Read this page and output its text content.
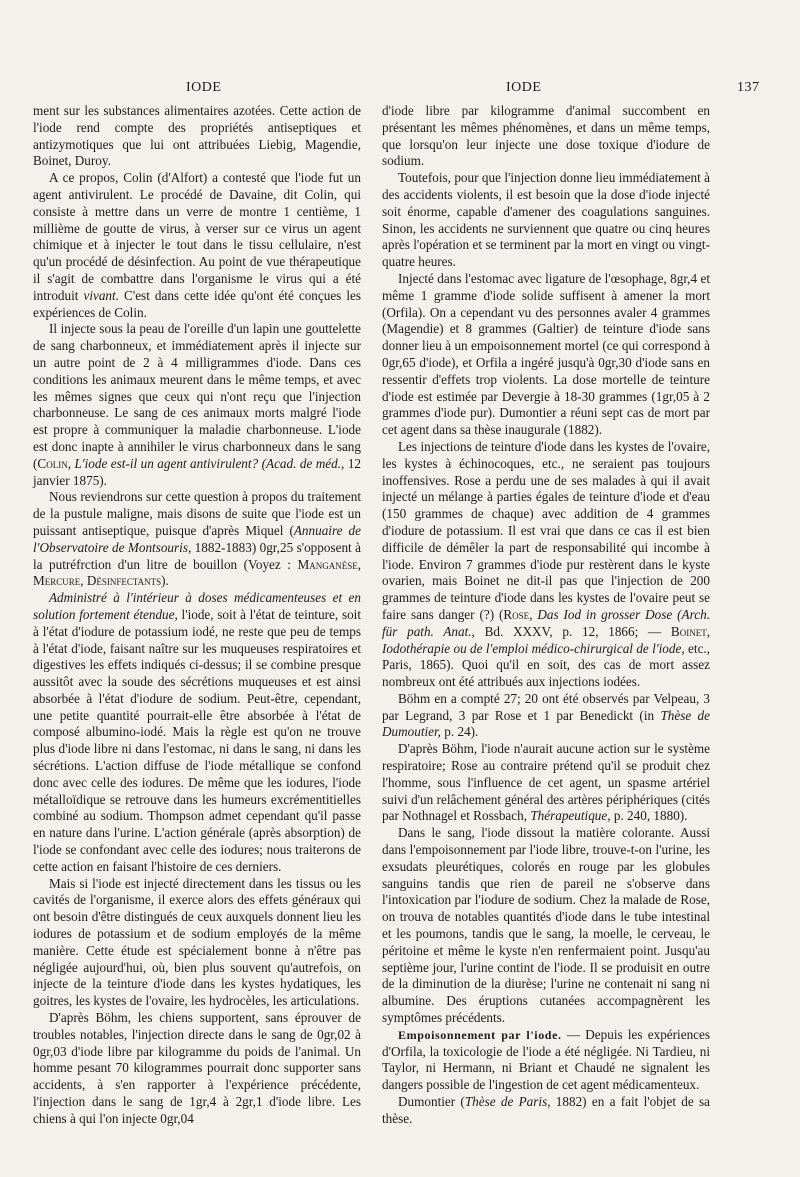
IODE	IODE	137

ment sur les substances alimentaires azotées. Cette action de l'iode rend compte des propriétés antiseptiques et antizymotiques que lui ont attribuées Liebig, Magendie, Boinet, Duroy.

A ce propos, Colin (d'Alfort) a contesté que l'iode fut un agent antivirulent. Le procédé de Davaine, dit Colin, qui consiste à mettre dans un verre de montre 1 centième, 1 millième de goutte de virus, à verser sur ce virus un agent chimique et à injecter le tout dans le tissu cellulaire, n'est qu'un procédé de désinfection. Au point de vue thérapeutique il s'agit de combattre dans l'organisme le virus qui a été introduit vivant. C'est dans cette idée qu'ont été conçues les expériences de Colin.

Il injecte sous la peau de l'oreille d'un lapin une gouttelette de sang charbonneux, et immédiatement après il injecte sur un autre point de 2 à 4 milligrammes d'iode. Dans ces conditions les animaux meurent dans le même temps, et avec les mêmes signes que ceux qui n'ont reçu que l'injection charbonneuse. Le sang de ces animaux morts malgré l'iode est propre à communiquer la maladie charbonneuse. L'iode est donc inapte à annihiler le virus charbonneux dans le sang (Colin, L'iode est-il un agent antivirulent? (Acad. de méd., 12 janvier 1875).

Nous reviendrons sur cette question à propos du traitement de la pustule maligne, mais disons de suite que l'iode est un puissant antiseptique, puisque d'après Miquel (Annuaire de l'Observatoire de Montsouris, 1882-1883) 0gr,25 s'opposent à la putréfrction d'un litre de bouillon (Voyez : Manganèse, Mercure, Désinfectants).

Administré à l'intérieur à doses médicamenteuses et en solution fortement étendue, l'iode, soit à l'état de teinture, soit à l'état d'iodure de potassium iodé, ne reste que peu de temps à l'état d'iode, faisant naître sur les muqueuses respiratoires et digestives les effets indiqués ci-dessus; il se combine presque aussitôt avec la soude des sécrétions muqueuses et est ainsi absorbée à l'état d'iodure de sodium. Peut-être, cependant, une petite quantité pourrait-elle être absorbée à l'état de composé albumino-iodé. Mais la règle est qu'on ne trouve plus d'iode libre ni dans l'estomac, ni dans le sang, ni dans les sécrétions. L'action diffuse de l'iode métallique se confond donc avec celle des iodures. De même que les iodures, l'iode métalloïdique se retrouve dans les humeurs excrémentitielles combiné au sodium. Thompson admet cependant qu'il passe en nature dans l'urine. L'action générale (après absorption) de l'iode se confondant avec celle des iodures; nous traiterons de cette action en faisant l'histoire de ces derniers.

Mais si l'iode est injecté directement dans les tissus ou les cavités de l'organisme, il exerce alors des effets généraux qui ont besoin d'être distingués de ceux auxquels donnent lieu les iodures de potassium et de sodium employés de la même manière. Cette étude est spécialement bonne à n'être pas négligée aujourd'hui, où, bien plus souvent qu'autrefois, on injecte de la teinture d'iode dans les kystes hydatiques, les goitres, les kystes de l'ovaire, les hydrocèles, les articulations.

D'après Böhm, les chiens supportent, sans éprouver de troubles notables, l'injection directe dans le sang de 0gr,02 à 0gr,03 d'iode libre par kilogramme du poids de l'animal. Un homme pesant 70 kilogrammes pourrait donc supporter sans accidents, à s'en rapporter à l'expérience précédente, l'injection dans le sang de 1gr,4 à 2gr,1 d'iode libre. Les chiens à qui l'on injecte 0gr,04

d'iode libre par kilogramme d'animal succombent en présentant les mêmes phénomènes, et dans un même temps, que lorsqu'on leur injecte une dose toxique d'iodure de sodium.

Toutefois, pour que l'injection donne lieu immédiatement à des accidents violents, il est besoin que la dose d'iode injecté soit énorme, capable d'amener des coagulations sanguines. Sinon, les accidents ne surviennent que quatre ou cinq heures après l'opération et se terminent par la mort en vingt ou vingt-quatre heures.

Injecté dans l'estomac avec ligature de l'œsophage, 8gr,4 et même 1 gramme d'iode solide suffisent à amener la mort (Orfila). On a cependant vu des personnes avaler 4 grammes (Magendie) et 8 grammes (Galtier) de teinture d'iode sans donner lieu à un empoisonnement mortel (ce qui correspond à 0gr,65 d'iode), et Orfila a ingéré jusqu'à 0gr,30 d'iode sans en ressentir d'effets trop violents. La dose mortelle de teinture d'iode est estimée par Devergie à 18-30 grammes (1gr,05 à 2 grammes d'iode pur). Dumontier a réuni sept cas de mort par cet agent dans sa thèse inaugurale (1882).

Les injections de teinture d'iode dans les kystes de l'ovaire, les kystes à échinocoques, etc., ne seraient pas toujours inoffensives. Rose a perdu une de ses malades à qui il avait injecté un mélange à parties égales de teinture d'iode et d'eau (150 grammes de chaque) avec addition de 4 grammes d'iodure de potassium. Il est vrai que dans ce cas il est bien difficile de démêler la part de responsabilité qui incombe à l'iode. Environ 7 grammes d'iode pur restèrent dans le kyste ovarien, mais Boinet ne dit-il pas que l'injection de 200 grammes de teinture d'iode dans les kystes de l'ovaire peut se faire sans danger (?) (Rose, Das Iod in grosser Dose (Arch. für path. Anat., Bd. XXXV, p. 12, 1866; — Boinet, Iodothérapie ou de l'emploi médico-chirurgical de l'iode, etc., Paris, 1865). Quoi qu'il en soit, des cas de mort assez nombreux ont été attribués aux injections iodées.

Böhm en a compté 27; 20 ont été observés par Velpeau, 3 par Legrand, 3 par Rose et 1 par Benedickt (in Thèse de Dumoutier, p. 24).

D'après Böhm, l'iode n'aurait aucune action sur le système respiratoire; Rose au contraire prétend qu'il se produit chez l'homme, sous l'influence de cet agent, un spasme artériel suivi d'un relâchement général des artères périphériques (cités par Nothnagel et Rossbach, Thérapeutique, p. 240, 1880).

Dans le sang, l'iode dissout la matière colorante. Aussi dans l'empoisonnement par l'iode libre, trouve-t-on l'urine, les exsudats pleurétiques, colorés en rouge par les globules sanguins tandis que rien de pareil ne s'observe dans l'intoxication par l'iodure de sodium. Chez la malade de Rose, on trouva de notables quantités d'iode dans le tube intestinal et les poumons, tandis que le sang, la moelle, le cerveau, le péritoine et même le kyste n'en renfermaient point. Jusqu'au septième jour, l'urine contint de l'iode. Il se produisit en outre de la diminution de la diurèse; l'urine ne contenait ni sang ni albumine. Des éruptions cutanées accompagnèrent les symptômes précédents.

Empoisonnement par l'iode. — Depuis les expériences d'Orfila, la toxicologie de l'iode a été négligée. Ni Tardieu, ni Taylor, ni Hermann, ni Briant et Chaudé ne signalent les dangers possible de l'ingestion de cet agent médicamenteux.

Dumontier (Thèse de Paris, 1882) en a fait l'objet de sa thèse.
